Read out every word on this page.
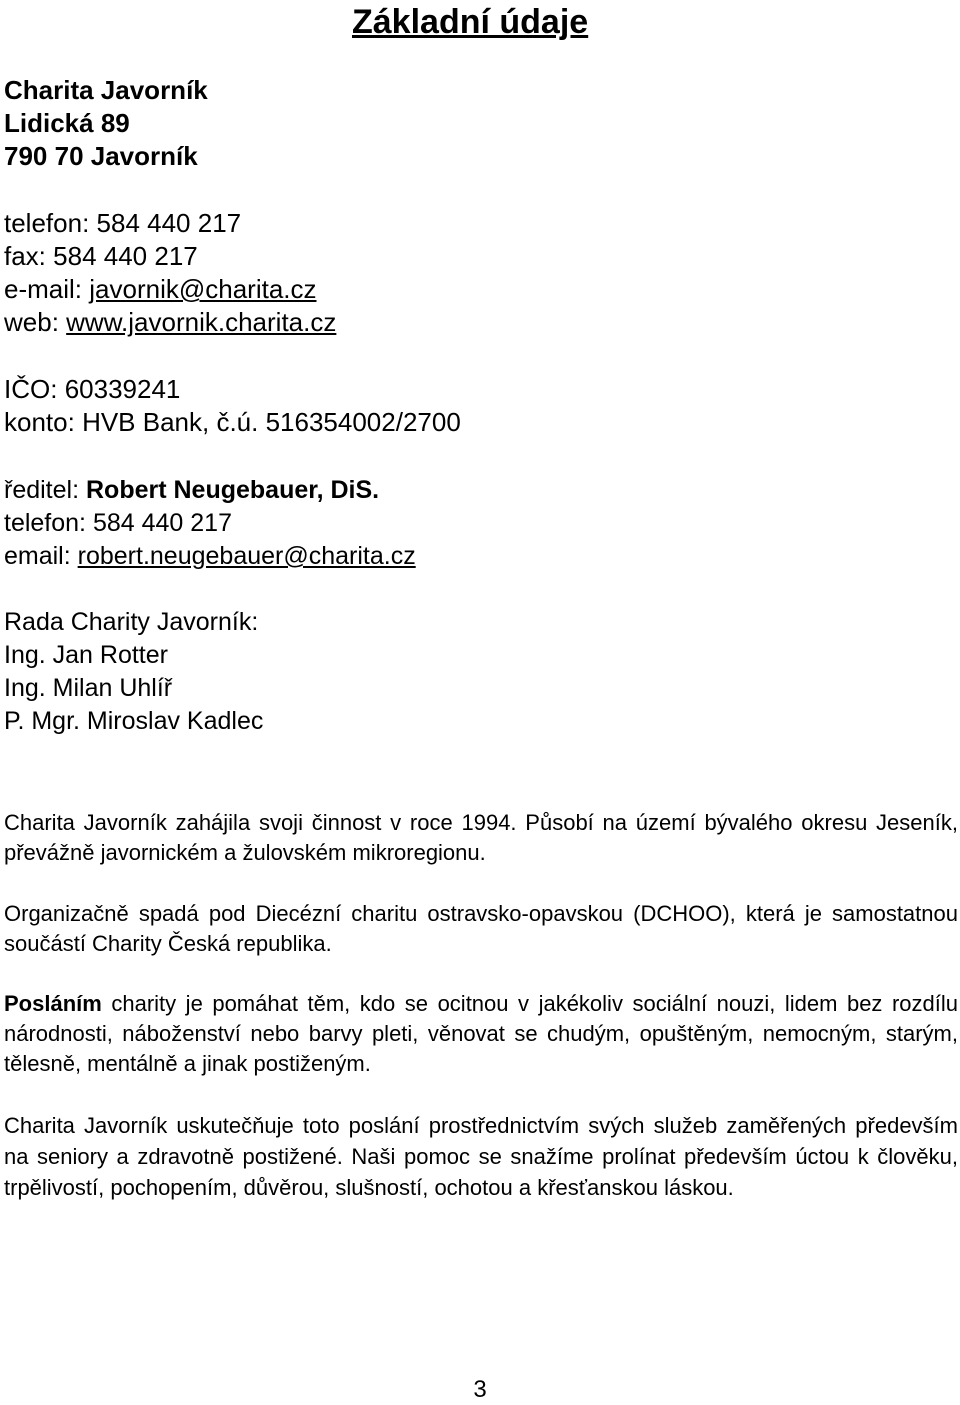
Základní údaje
Charita Javorník
Lidická 89
790 70 Javorník
telefon: 584 440 217
fax: 584 440 217
e-mail: javornik@charita.cz
web: www.javornik.charita.cz
IČO: 60339241
konto: HVB Bank, č.ú. 516354002/2700
ředitel: Robert Neugebauer, DiS.
telefon: 584 440 217
email: robert.neugebauer@charita.cz
Rada Charity Javorník:
Ing. Jan Rotter
Ing. Milan Uhlíř
P. Mgr. Miroslav Kadlec
Charita Javorník zahájila svoji činnost v roce 1994. Působí na území bývalého okresu Jeseník, převážně javornickém a žulovském mikroregionu.
Organizačně spadá pod Diecézní charitu ostravsko-opavskou (DCHOO), která je samostatnou součástí Charity Česká republika.
Posláním charity je pomáhat těm, kdo se ocitnou v jakékoliv sociální nouzi, lidem bez rozdílu národnosti, náboženství nebo barvy pleti, věnovat se chudým, opuštěným, nemocným, starým, tělesně, mentálně a jinak postiženým.
Charita Javorník uskutečňuje toto poslání prostřednictvím svých služeb zaměřených především na seniory a zdravotně postižené. Naši pomoc se snažíme prolínat především úctou k člověku, trpělivostí, pochopením, důvěrou, slušností, ochotou a křesťanskou láskou.
3
